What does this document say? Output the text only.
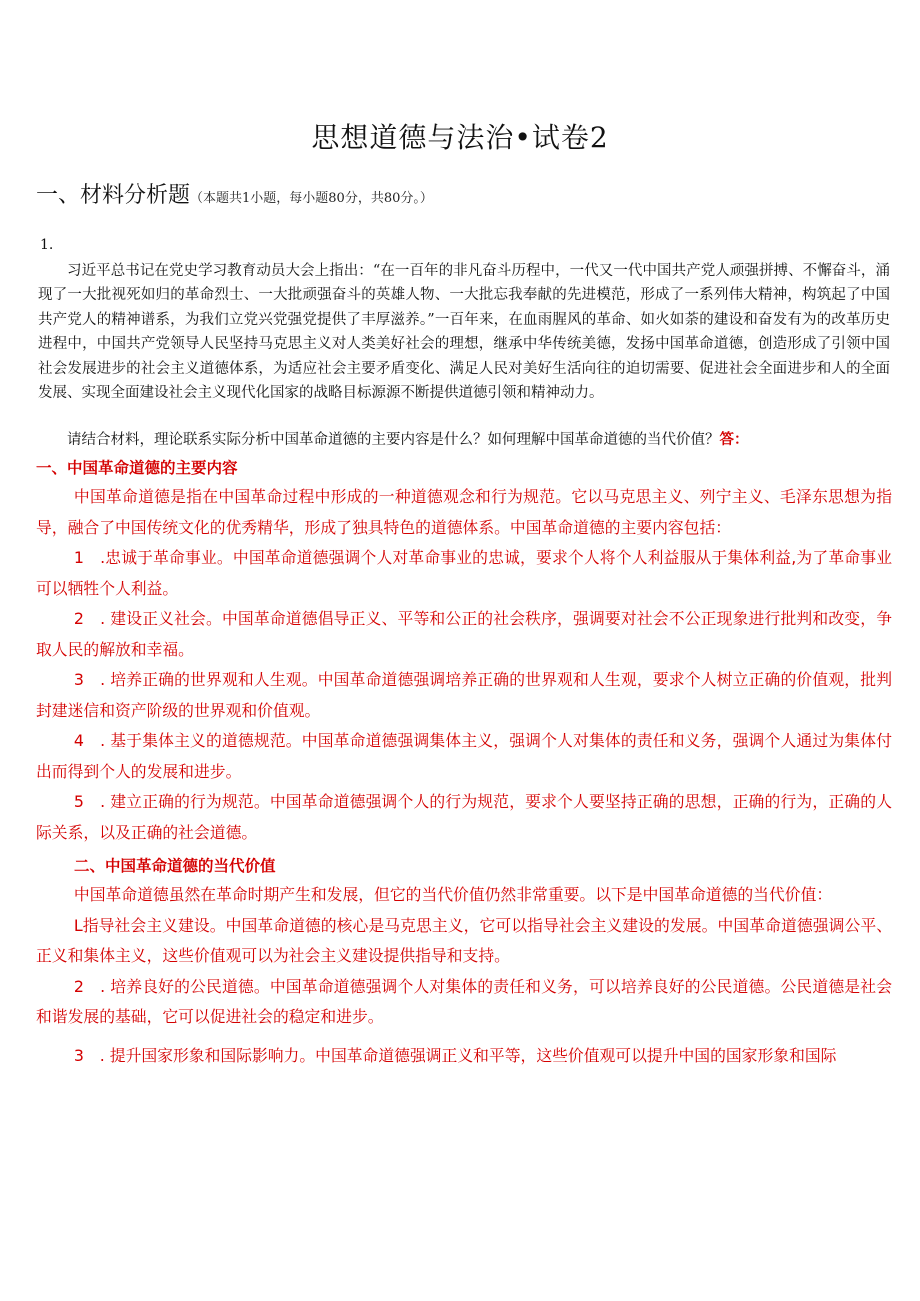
思想道德与法治•试卷2
一、材料分析题（本题共1小题，每小题80分，共80分。）
1.

习近平总书记在党史学习教育动员大会上指出：“在一百年的非凡奋斗历程中，一代又一代中国共产党人顽强拼搏、不懈奋斗，涌现了一大批视死如归的革命烈士、一大批顽强奋斗的英雄人物、一大批忘我奉献的先进模范，形成了一系列伟大精神，构筑起了中国共产党人的精神谱系，为我们立党兴党强党提供了丰厚滋养。”一百年来，在血雨腥风的革命、如火如荼的建设和奋发有为的改革历史进程中，中国共产党领导人民坚持马克思主义对人类美好社会的理想，继承中华传统美德，发扬中国革命道德，创造形成了引领中国社会发展进步的社会主义道德体系，为适应社会主要矛盾变化、满足人民对美好生活向往的迫切需要、促进社会全面进步和人的全面发展、实现全面建设社会主义现代化国家的战略目标源源不断提供道德引领和精神动力。

请结合材料，理论联系实际分析中国革命道德的主要内容是什么？如何理解中国革命道德的当代价值？答：

一、中国革命道德的主要内容

中国革命道德是指在中国革命过程中形成的一种道德观念和行为规范。它以马克思主义、列宁主义、毛泽东思想为指导，融合了中国传统文化的优秀精华，形成了独具特色的道德体系。中国革命道德的主要内容包括：

1　.忠诚于革命事业。中国革命道德强调个人对革命事业的忠诚，要求个人将个人利益服从于集体利益,为了革命事业可以牺牲个人利益。

2　. 建设正义社会。中国革命道德倡导正义、平等和公正的社会秩序，强调要对社会不公正现象进行批判和改变，争取人民的解放和幸福。

3　. 培养正确的世界观和人生观。中国革命道德强调培养正确的世界观和人生观，要求个人树立正确的价值观，批判封建迷信和资产阶级的世界观和价值观。

4　. 基于集体主义的道德规范。中国革命道德强调集体主义，强调个人对集体的责任和义务，强调个人通过为集体付出而得到个人的发展和进步。

5　. 建立正确的行为规范。中国革命道德强调个人的行为规范，要求个人要坚持正确的思想，正确的行为，正确的人际关系，以及正确的社会道德。

二、中国革命道德的当代价值

中国革命道德虽然在革命时期产生和发展，但它的当代价值仍然非常重要。以下是中国革命道德的当代价值：

L指导社会主义建设。中国革命道德的核心是马克思主义，它可以指导社会主义建设的发展。中国革命道德强调公平、正义和集体主义，这些价值观可以为社会主义建设提供指导和支持。

2　. 培养良好的公民道德。中国革命道德强调个人对集体的责任和义务，可以培养良好的公民道德。公民道德是社会和谐发展的基础，它可以促进社会的稳定和进步。

3　. 提升国家形象和国际影响力。中国革命道德强调正义和平等，这些价值观可以提升中国的国家形象和国际
